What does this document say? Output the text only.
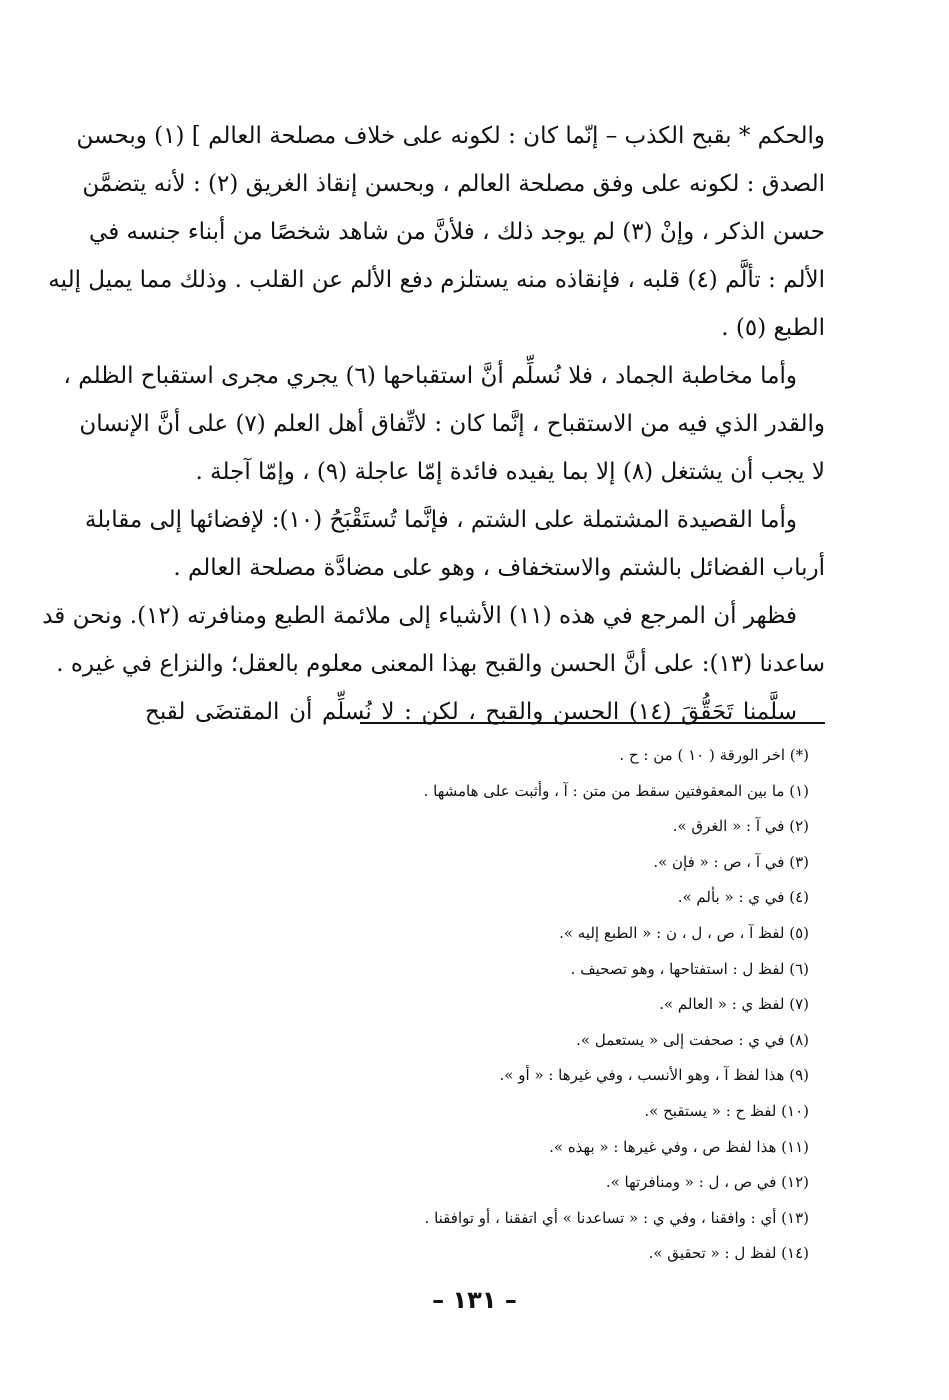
والحكم * بقبح الكذب – إنّما كان : لكونه على خلاف مصلحة العالم ] (١) وبحسن
الصدق : لكونه على وفق مصلحة العالم ، وبحسن إنقاذ الغريق (٢) : لأنه يتضمَّن
حسن الذكر ، وإنْ (٣) لم يوجد ذلك ، فلأنَّ من شاهد شخصًا من أبناء جنسه في
الألم : تألَّم (٤) قلبه ، فإنقاذه منه يستلزم دفع الألم عن القلب . وذلك مما يميل إليه
الطبع (٥) .
وأما مخاطبة الجماد ، فلا نُسلِّم أنَّ استقباحها (٦) يجري مجرى استقباح الظلم ،
والقدر الذي فيه من الاستقباح ، إنَّما كان : لاتِّفاق أهل العلم (٧) على أنَّ الإنسان
لا يجب أن يشتغل (٨) إلا بما يفيده فائدة إمّا عاجلة (٩) ، وإمّا آجلة .
وأما القصيدة المشتملة على الشتم ، فإنَّما تُستَقْبَحُ (١٠): لإفضائها إلى مقابلة
أرباب الفضائل بالشتم والاستخفاف ، وهو على مضادَّة مصلحة العالم .
فظهر أن المرجع في هذه (١١) الأشياء إلى ملائمة الطبع ومنافرته (١٢). ونحن قد
ساعدنا (١٣): على أنَّ الحسن والقبح بهذا المعنى معلوم بالعقل؛ والنزاع في غيره .
سلَّمنا تَحَقُّقَ (١٤) الحسن والقبح ، لكن : لا نُسلِّم أن المقتضَى لقبح
(*) اخر الورقة ( ١٠ ) من : ح .
(١) ما بين المعقوفتين سقط من متن : آ ، وأثبت على هامشها .
(٢) في آ : « الغرق ».
(٣) في آ ، ص : « فإن ».
(٤) في ي : « بألم ».
(٥) لفظ آ ، ص ، ل ، ن : « الطبع إليه ».
(٦) لفظ ل : استفتاحها ، وهو تصحيف .
(٧) لفظ ي : « العالم ».
(٨) في ي : صحفت إلى « يستعمل ».
(٩) هذا لفظ آ ، وهو الأنسب ، وفي غيرها : « أو ».
(١٠) لفظ ح : « يستقبح ».
(١١) هذا لفظ ص ، وفي غيرها : « بهذه ».
(١٢) في ص ، ل : « ومنافرتها ».
(١٣) أي : وافقنا ، وفي ي : « تساعدنا » أي اتفقنا ، أو توافقنا .
(١٤) لفظ ل : « تحقيق ».
– ١٣١ –
